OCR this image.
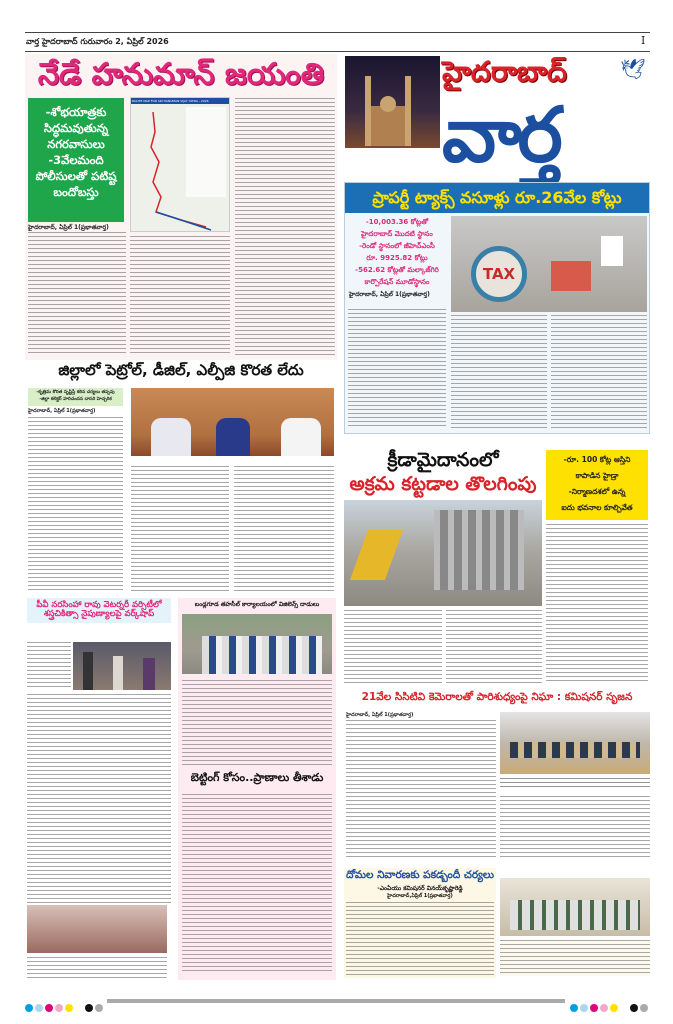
వార్త హైదరాబాద్ గురువారం 2, ఏప్రిల్ 2026	I
నేడే హనుమాన్ జయంతి
-శోభయాత్రకు సిద్ధమవుతున్న నగరవాసులు
-3వేలమంది పోలీసులతో పటిష్ట బందోబస్తు
ROUTE MAP FOR SRI HANUMAN VIJAY YATRA - 2026
హైదరాబాద్, ఏప్రిల్ 1(ప్రభాతవార్త)
హైదరాబాద్	🕊
వార్త
ప్రాపర్టీ ట్యాక్స్ వసూళ్లు రూ.26వేల కోట్లు
-10,003.36 కోట్లతో
హైదరాబాద్ మొదటి స్థానం
-రెండో స్థానంలో జీహెచ్‌ఎంసీ
రూ. 9925.82 కోట్లు
-562.62 కోట్లతో మల్కాజ్‌గిరి
కార్పొరేషన్ మూడోస్థానం	TAX
హైదరాబాద్, ఏప్రిల్ 1(ప్రభాతవార్త)
జిల్లాలో పెట్రోల్, డీజిల్, ఎల్పీజి కొరత లేదు
-కృత్రిమ కొరత సృష్టిస్తే కఠిన చర్యలు తప్పవు
-జిల్లా కలెక్టర్ హరిచందన దాసరి హెచ్చరిక
హైదరాబాద్, ఏప్రిల్ 1(ప్రభాతవార్త)
క్రీడామైదానంలో
అక్రమ కట్టడాల తొలగింపు
-రూ. 100 కోట్ల ఆస్తిని
కాపాడిన హైడ్రా
-నిర్మాణదశలో ఉన్న
ఐదు భవనాల కూల్చివేత
పీవీ నరసింహా రావు వెటర్నరీ వర్సిటీలో శస్త్రచికిత్సా నైపుణ్యాలపై వర్క్‌షాప్
బండ్లగూడ తహసీల్ కార్యాలయంలో విజిలెన్స్ దాడులు
బెట్టింగ్ కోసం..ప్రాణాలు తీశాడు
21వేల సిసిటివి కెమెరాలతో పారిశుధ్యంపై నిఘా : కమిషనర్ సృజన
హైదరాబాద్, ఏప్రిల్ 1(ప్రభాతవార్త)
దోమల నివారణకు పకడ్బందీ చర్యలు
-ఎంఏయు కమిషనర్ వినయ్‌కృష్ణారెడ్డి
హైదరాబాద్,ఏప్రిల్ 1(ప్రభాతవార్త)
